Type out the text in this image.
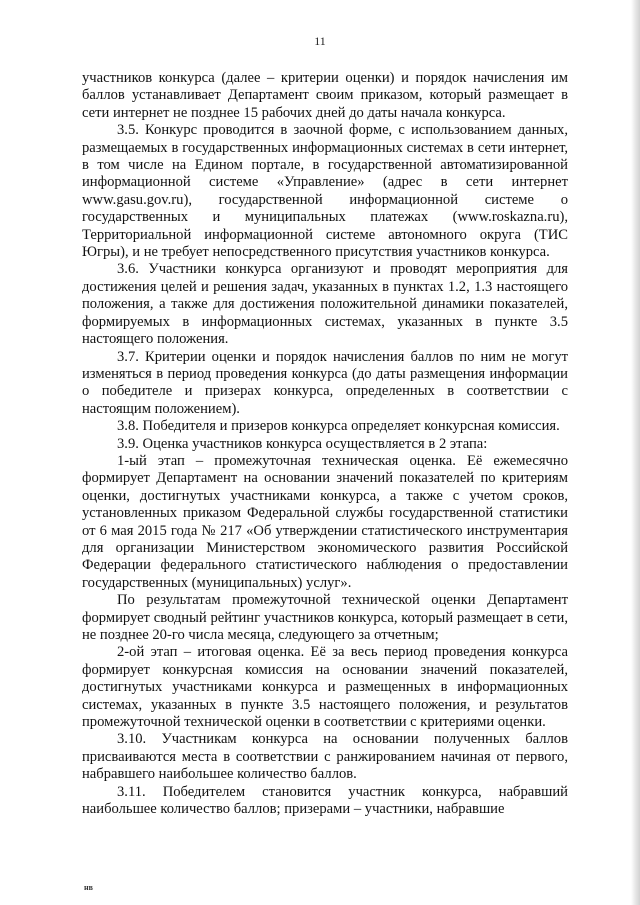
11

участников конкурса (далее – критерии оценки) и порядок начисления им баллов устанавливает Департамент своим приказом, который размещает в сети интернет не позднее 15 рабочих дней до даты начала конкурса.

3.5. Конкурс проводится в заочной форме, с использованием данных, размещаемых в государственных информационных системах в сети интернет, в том числе на Едином портале, в государственной автоматизированной информационной системе «Управление» (адрес в сети интернет www.gasu.gov.ru), государственной информационной системе о государственных и муниципальных платежах (www.roskazna.ru), Территориальной информационной системе автономного округа (ТИС Югры), и не требует непосредственного присутствия участников конкурса.

3.6. Участники конкурса организуют и проводят мероприятия для достижения целей и решения задач, указанных в пунктах 1.2, 1.3 настоящего положения, а также для достижения положительной динамики показателей, формируемых в информационных системах, указанных в пункте 3.5 настоящего положения.

3.7. Критерии оценки и порядок начисления баллов по ним не могут изменяться в период проведения конкурса (до даты размещения информации о победителе и призерах конкурса, определенных в соответствии с настоящим положением).

3.8. Победителя и призеров конкурса определяет конкурсная комиссия.

3.9. Оценка участников конкурса осуществляется в 2 этапа:

1-ый этап – промежуточная техническая оценка. Её ежемесячно формирует Департамент на основании значений показателей по критериям оценки, достигнутых участниками конкурса, а также с учетом сроков, установленных приказом Федеральной службы государственной статистики от 6 мая 2015 года № 217 «Об утверждении статистического инструментария для организации Министерством экономического развития Российской Федерации федерального статистического наблюдения о предоставлении государственных (муниципальных) услуг».

По результатам промежуточной технической оценки Департамент формирует сводный рейтинг участников конкурса, который размещает в сети, не позднее 20-го числа месяца, следующего за отчетным;

2-ой этап – итоговая оценка. Её за весь период проведения конкурса формирует конкурсная комиссия на основании значений показателей, достигнутых участниками конкурса и размещенных в информационных системах, указанных в пункте 3.5 настоящего положения, и результатов промежуточной технической оценки в соответствии с критериями оценки.

3.10. Участникам конкурса на основании полученных баллов присваиваются места в соответствии с ранжированием начиная от первого, набравшего наибольшее количество баллов.

3.11. Победителем становится участник конкурса, набравший наибольшее количество баллов; призерами – участники, набравшие

нв
